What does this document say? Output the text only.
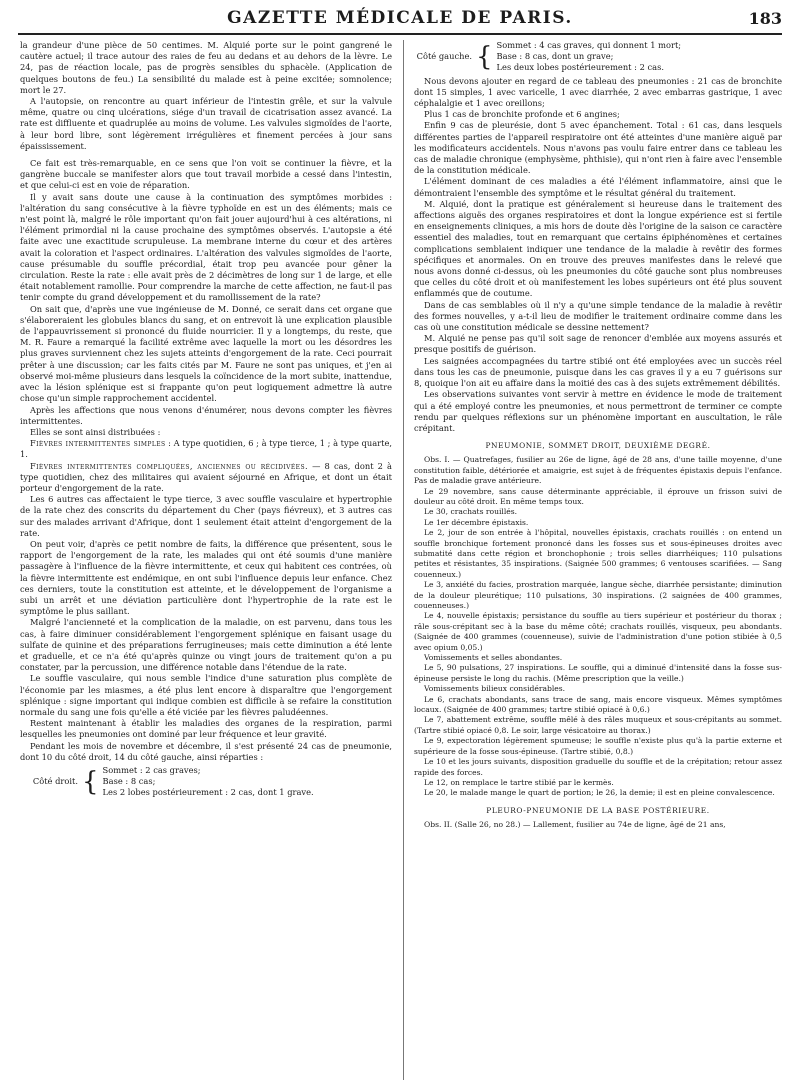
GAZETTE MÉDICALE DE PARIS.	183

la grandeur d'une pièce de 50 centimes. M. Alquié porte sur le point gangrené le cautère actuel; il trace autour des raies de feu au dedans et au dehors de la lèvre. Le 24, pas de réaction locale, pas de progrès sensibles du sphacèle. (Application de quelques boutons de feu.) La sensibilité du malade est à peine excitée; somnolence; mort le 27.

A l'autopsie, on rencontre au quart inférieur de l'intestin grêle, et sur la valvule même, quatre ou cinq ulcérations, siége d'un travail de cicatrisation assez avancé. La rate est diffluente et quadruplée au moins de volume. Les valvules sigmoïdes de l'aorte, à leur bord libre, sont légèrement irrégulières et finement percées à jour sans épaississement.

Ce fait est très-remarquable, en ce sens que l'on voit se continuer la fièvre, et la gangrène buccale se manifester alors que tout travail morbide a cessé dans l'intestin, et que celui-ci est en voie de réparation.

Il y avait sans doute une cause à la continuation des symptômes morbides : l'altération du sang consécutive à la fièvre typhoïde en est un des éléments; mais ce n'est point là, malgré le rôle important qu'on fait jouer aujourd'hui à ces altérations, ni l'élément primordial ni la cause prochaine des symptômes observés. L'autopsie a été faite avec une exactitude scrupuleuse. La membrane interne du cœur et des artères avait la coloration et l'aspect ordinaires. L'altération des valvules sigmoïdes de l'aorte, cause présumable du souffle précordial, était trop peu avancée pour gêner la circulation. Reste la rate : elle avait près de 2 décimètres de long sur 1 de large, et elle était notablement ramollie. Pour comprendre la marche de cette affection, ne faut-il pas tenir compte du grand développement et du ramollissement de la rate?

On sait que, d'après une vue ingénieuse de M. Donné, ce serait dans cet organe que s'élaboreraient les globules blancs du sang, et on entrevoit là une explication plausible de l'appauvrissement si prononcé du fluide nourricier. Il y a longtemps, du reste, que M. R. Faure a remarqué la facilité extrême avec laquelle la mort ou les désordres les plus graves surviennent chez les sujets atteints d'engorgement de la rate. Ceci pourrait prêter à une discussion; car les faits cités par M. Faure ne sont pas uniques, et j'en ai observé moi-même plusieurs dans lesquels la coïncidence de la mort subite, inattendue, avec la lésion splénique est si frappante qu'on peut logiquement admettre là autre chose qu'un simple rapprochement accidentel.

Après les affections que nous venons d'énumérer, nous devons compter les fièvres intermittentes.

Elles se sont ainsi distribuées :

Fièvres intermittentes simples : A type quotidien, 6 ; à type tierce, 1 ; à type quarte, 1.

Fièvres intermittentes compliquées, anciennes ou récidivées. — 8 cas, dont 2 à type quotidien, chez des militaires qui avaient séjourné en Afrique, et dont un était porteur d'engorgement de la rate.

Les 6 autres cas affectaient le type tierce, 3 avec souffle vasculaire et hypertrophie de la rate chez des conscrits du département du Cher (pays fiévreux), et 3 autres cas sur des malades arrivant d'Afrique, dont 1 seulement était atteint d'engorgement de la rate.

On peut voir, d'après ce petit nombre de faits, la différence que présentent, sous le rapport de l'engorgement de la rate, les malades qui ont été soumis d'une manière passagère à l'influence de la fièvre intermittente, et ceux qui habitent ces contrées, où la fièvre intermittente est endémique, en ont subi l'influence depuis leur enfance. Chez ces derniers, toute la constitution est atteinte, et le développement de l'organisme a subi un arrêt et une déviation particulière dont l'hypertrophie de la rate est le symptôme le plus saillant.

Malgré l'ancienneté et la complication de la maladie, on est parvenu, dans tous les cas, à faire diminuer considérablement l'engorgement splénique en faisant usage du sulfate de quinine et des préparations ferrugineuses; mais cette diminution a été lente et graduelle, et ce n'a été qu'après quinze ou vingt jours de traitement qu'on a pu constater, par la percussion, une différence notable dans l'étendue de la rate.

Le souffle vasculaire, qui nous semble l'indice d'une saturation plus complète de l'économie par les miasmes, a été plus lent encore à disparaître que l'engorgement splénique : signe important qui indique combien est difficile à se refaire la constitution normale du sang une fois qu'elle a été viciée par les fièvres paludéennes.

Restent maintenant à établir les maladies des organes de la respiration, parmi lesquelles les pneumonies ont dominé par leur fréquence et leur gravité.

Pendant les mois de novembre et décembre, il s'est présenté 24 cas de pneumonie, dont 10 du côté droit, 14 du côté gauche, ainsi réparties :

Côté droit. { Sommet : 2 cas graves;
Base : 8 cas;
Les 2 lobes postérieurement : 2 cas, dont 1 grave.
Côté gauche. { Sommet : 4 cas graves, qui donnent 1 mort;
Base : 8 cas, dont un grave;
Les deux lobes postérieurement : 2 cas.

Nous devons ajouter en regard de ce tableau des pneumonies : 21 cas de bronchite dont 15 simples, 1 avec varicelle, 1 avec diarrhée, 2 avec embarras gastrique, 1 avec céphalalgie et 1 avec oreillons;

Plus 1 cas de bronchite profonde et 6 angines;

Enfin 9 cas de pleurésie, dont 5 avec épanchement. Total : 61 cas, dans lesquels différentes parties de l'appareil respiratoire ont été atteintes d'une manière aiguë par les modificateurs accidentels. Nous n'avons pas voulu faire entrer dans ce tableau les cas de maladie chronique (emphysème, phthisie), qui n'ont rien à faire avec l'ensemble de la constitution médicale.

L'élément dominant de ces maladies a été l'élément inflammatoire, ainsi que le démontraient l'ensemble des symptôme et le résultat général du traitement.

M. Alquié, dont la pratique est généralement si heureuse dans le traitement des affections aiguës des organes respiratoires et dont la longue expérience est si fertile en enseignements cliniques, a mis hors de doute dès l'origine de la saison ce caractère essentiel des maladies, tout en remarquant que certains épiphénomènes et certaines complications semblaient indiquer une tendance de la maladie à revêtir des formes spécifiques et anormales. On en trouve des preuves manifestes dans le relevé que nous avons donné ci-dessus, où les pneumonies du côté gauche sont plus nombreuses que celles du côté droit et où manifestement les lobes supérieurs ont été plus souvent enflammés que de coutume.

Dans de cas semblables où il n'y a qu'une simple tendance de la maladie à revêtir des formes nouvelles, y a-t-il lieu de modifier le traitement ordinaire comme dans les cas où une constitution médicale se dessine nettement?

M. Alquié ne pense pas qu'il soit sage de renoncer d'emblée aux moyens assurés et presque positifs de guérison.

Les saignées accompagnées du tartre stibié ont été employées avec un succès réel dans tous les cas de pneumonie, puisque dans les cas graves il y a eu 7 guérisons sur 8, quoique l'on ait eu affaire dans la moitié des cas à des sujets extrêmement débilités.

Les observations suivantes vont servir à mettre en évidence le mode de traitement qui a été employé contre les pneumonies, et nous permettront de terminer ce compte rendu par quelques réflexions sur un phénomène important en auscultation, le râle crépitant.

PNEUMONIE, SOMMET DROIT, DEUXIÈME DEGRÉ.

Obs. I. — Quatrefages, fusilier au 26e de ligne, âgé de 28 ans, d'une taille moyenne, d'une constitution faible, détériorée et amaigrie, est sujet à de fréquentes épistaxis depuis l'enfance. Pas de maladie grave antérieure.

Le 29 novembre, sans cause déterminante appréciable, il éprouve un frisson suivi de douleur au côté droit. En même temps toux.

Le 30, crachats rouillés.

Le 1er décembre épistaxis.

Le 2, jour de son entrée à l'hôpital, nouvelles épistaxis, crachats rouillés : on entend un souffle bronchique fortement prononcé dans les fosses sus et sous-épineuses droites avec submatité dans cette région et bronchophonie ; trois selles diarrhéiques; 110 pulsations petites et résistantes, 35 inspirations. (Saignée 500 grammes; 6 ventouses scarifiées. — Sang couenneux.)

Le 3, anxiété du facies, prostration marquée, langue sèche, diarrhée persistante; diminution de la douleur pleurétique; 110 pulsations, 30 inspirations. (2 saignées de 400 grammes, couenneuses.)

Le 4, nouvelle épistaxis; persistance du souffle au tiers supérieur et postérieur du thorax ; râle sous-crépitant sec à la base du même côté; crachats rouillés, visqueux, peu abondants. (Saignée de 400 grammes (couenneuse), suivie de l'administration d'une potion stibiée à 0,5 avec opium 0,05.)

Vomissements et selles abondantes.

Le 5, 90 pulsations, 27 inspirations. Le souffle, qui a diminué d'intensité dans la fosse sus-épineuse persiste le long du rachis. (Même prescription que la veille.)

Vomissements bilieux considérables.

Le 6, crachats abondants, sans trace de sang, mais encore visqueux. Mêmes symptômes locaux. (Saignée de 400 grammes; tartre stibié opiacé à 0,6.)

Le 7, abattement extrême, souffle mêlé à des râles muqueux et sous-crépitants au sommet. (Tartre stibié opiacé 0,8. Le soir, large vésicatoire au thorax.)

Le 9, expectoration légèrement spumeuse; le souffle n'existe plus qu'à la partie externe et supérieure de la fosse sous-épineuse. (Tartre stibié, 0,8.)

Le 10 et les jours suivants, disposition graduelle du souffle et de la crépitation; retour assez rapide des forces.

Le 12, on remplace le tartre stibié par le kermès.

Le 20, le malade mange le quart de portion; le 26, la demie; il est en pleine convalescence.

PLEURO-PNEUMONIE DE LA BASE POSTÉRIEURE.

Obs. II. (Salle 26, no 28.) — Lallement, fusilier au 74e de ligne, âgé de 21 ans,
